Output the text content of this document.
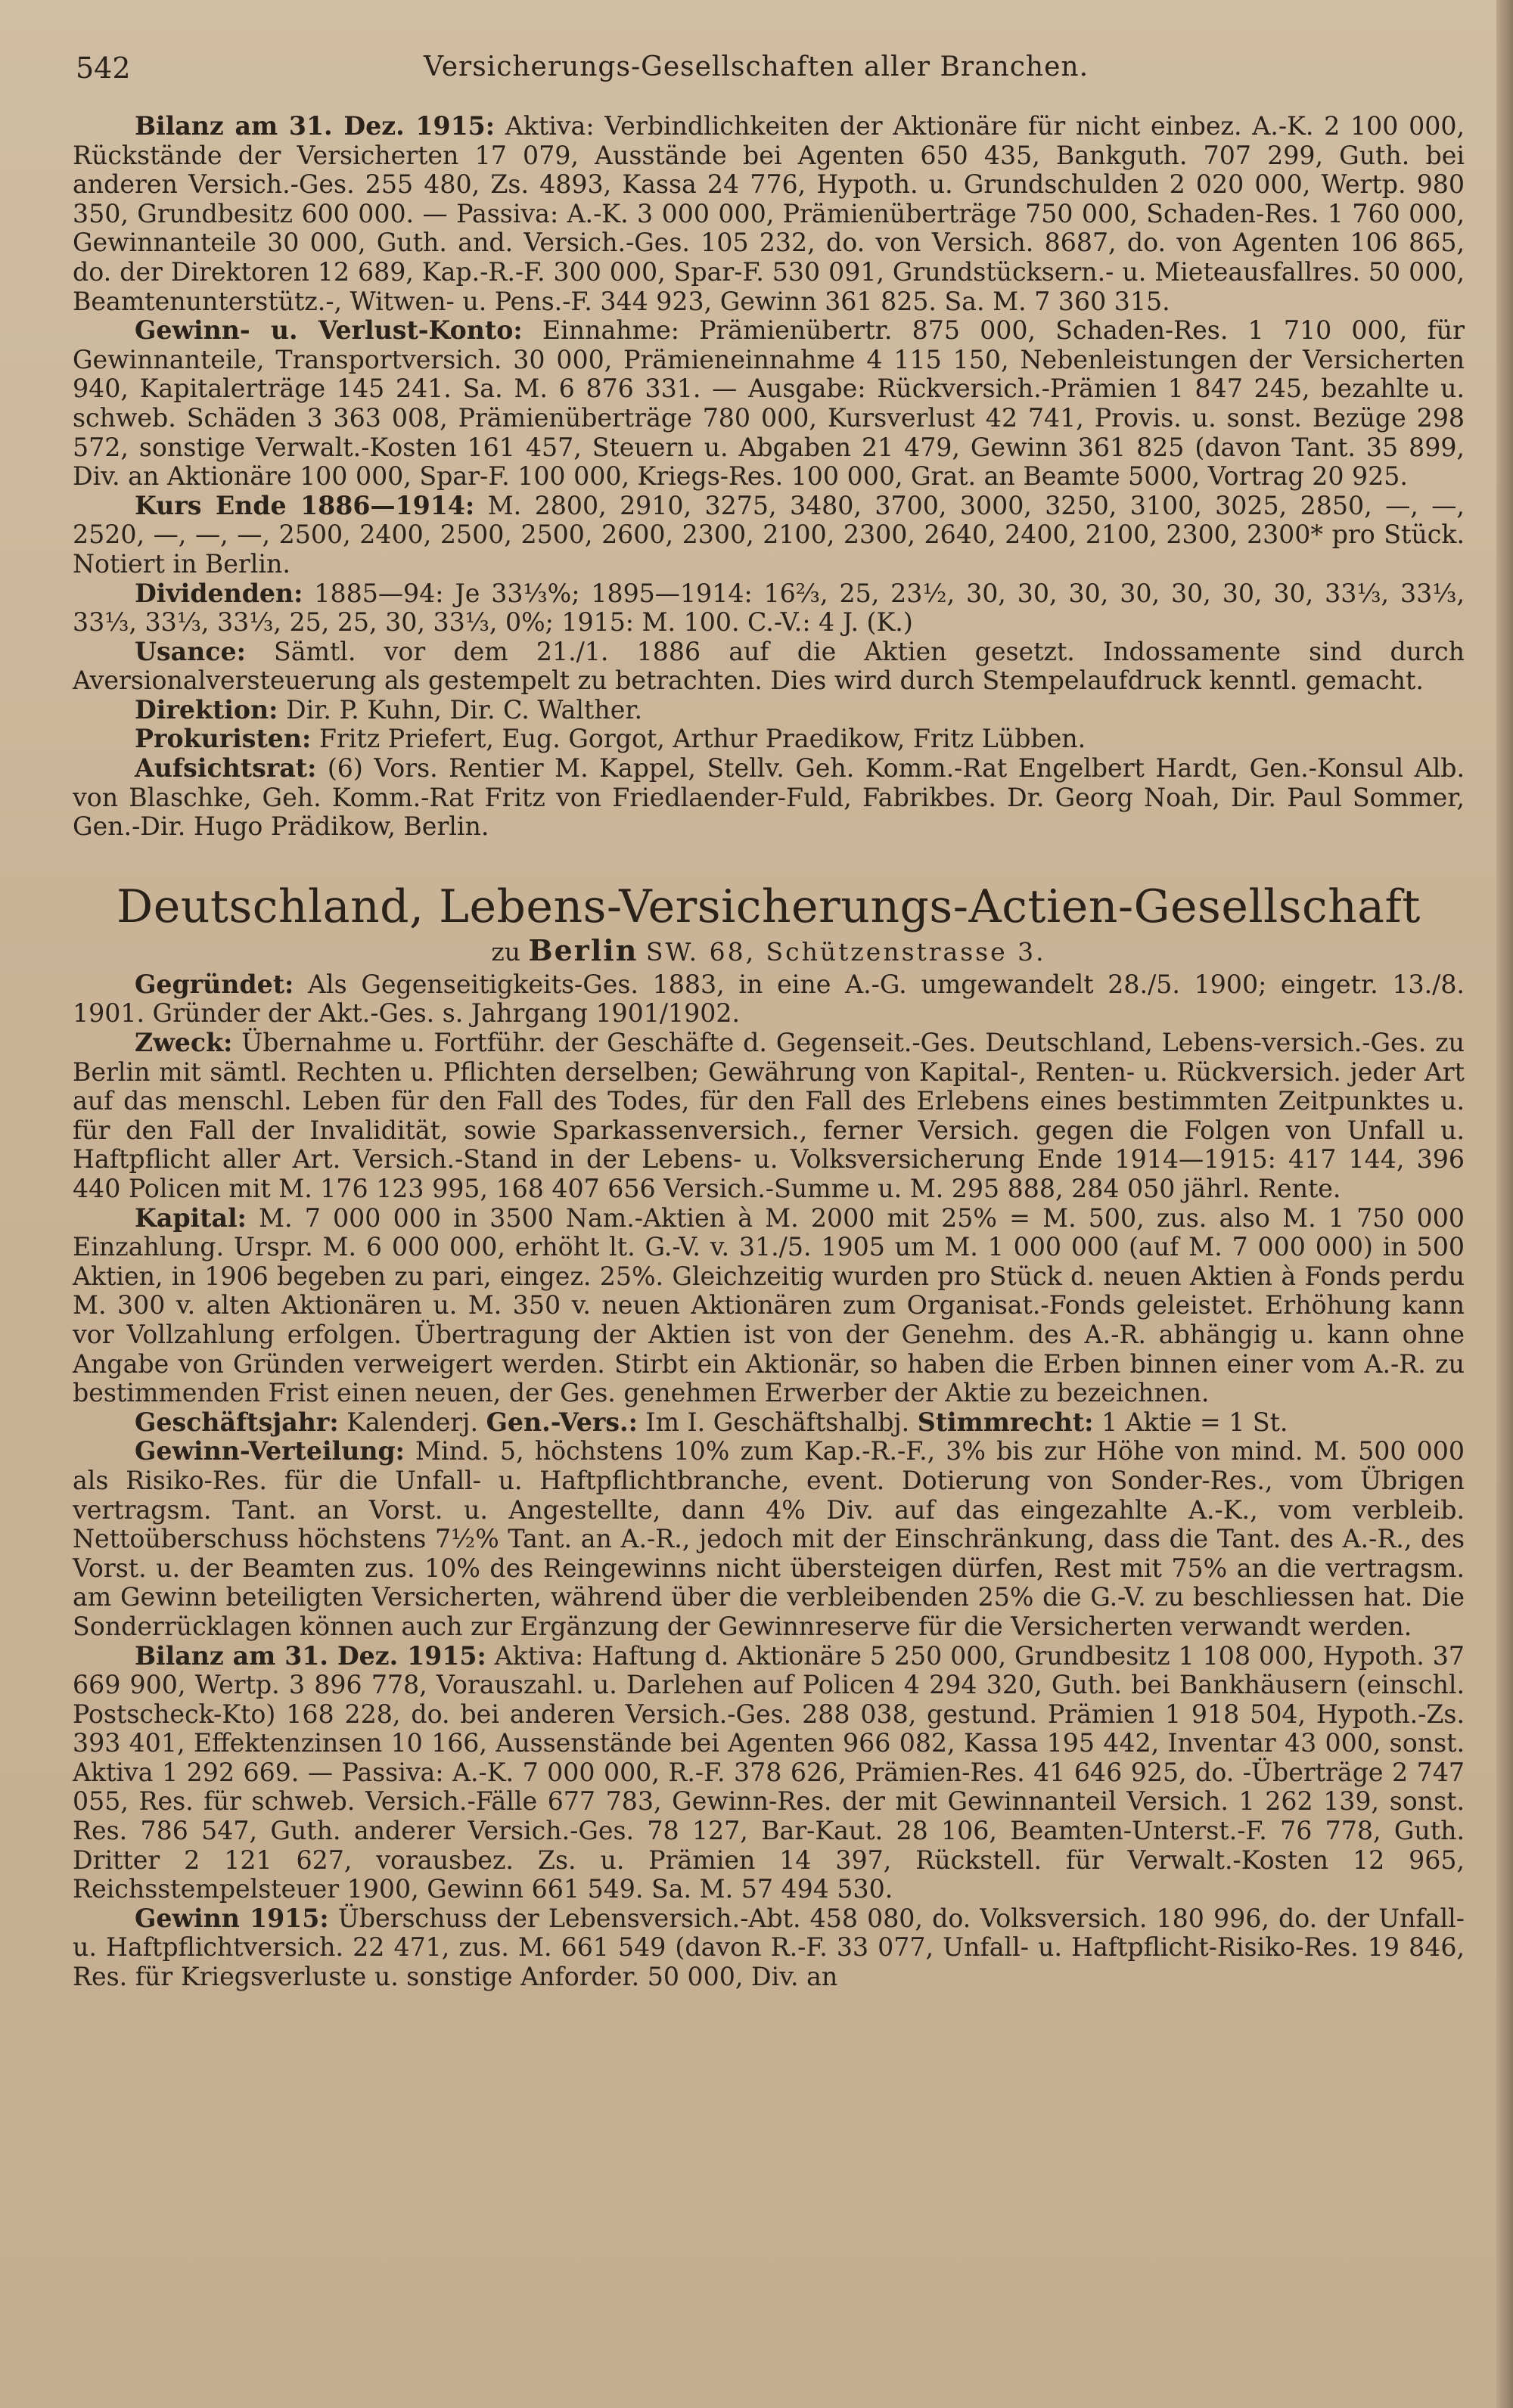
542	Versicherungs-Gesellschaften aller Branchen.

Bilanz am 31. Dez. 1915: Aktiva: Verbindlichkeiten der Aktionäre für nicht einbez. A.-K. 2 100 000, Rückstände der Versicherten 17 079, Ausstände bei Agenten 650 435, Bankguth. 707 299, Guth. bei anderen Versich.-Ges. 255 480, Zs. 4893, Kassa 24 776, Hypoth. u. Grundschulden 2 020 000, Wertp. 980 350, Grundbesitz 600 000. — Passiva: A.-K. 3 000 000, Prämienüberträge 750 000, Schaden-Res. 1 760 000, Gewinnanteile 30 000, Guth. and. Versich.-Ges. 105 232, do. von Versich. 8687, do. von Agenten 106 865, do. der Direktoren 12 689, Kap.-R.-F. 300 000, Spar-F. 530 091, Grundstücksern.- u. Mieteausfallres. 50 000, Beamtenunterstütz.-, Witwen- u. Pens.-F. 344 923, Gewinn 361 825. Sa. M. 7 360 315.

Gewinn- u. Verlust-Konto: Einnahme: Prämienübertr. 875 000, Schaden-Res. 1 710 000, für Gewinnanteile, Transportversich. 30 000, Prämieneinnahme 4 115 150, Nebenleistungen der Versicherten 940, Kapitalerträge 145 241. Sa. M. 6 876 331. — Ausgabe: Rückversich.-Prämien 1 847 245, bezahlte u. schweb. Schäden 3 363 008, Prämienüberträge 780 000, Kursverlust 42 741, Provis. u. sonst. Bezüge 298 572, sonstige Verwalt.-Kosten 161 457, Steuern u. Abgaben 21 479, Gewinn 361 825 (davon Tant. 35 899, Div. an Aktionäre 100 000, Spar-F. 100 000, Kriegs-Res. 100 000, Grat. an Beamte 5000, Vortrag 20 925.

Kurs Ende 1886—1914: M. 2800, 2910, 3275, 3480, 3700, 3000, 3250, 3100, 3025, 2850, —, —, 2520, —, —, —, 2500, 2400, 2500, 2500, 2600, 2300, 2100, 2300, 2640, 2400, 2100, 2300, 2300* pro Stück. Notiert in Berlin.

Dividenden: 1885—94: Je 33⅓%; 1895—1914: 16⅔, 25, 23½, 30, 30, 30, 30, 30, 30, 30, 33⅓, 33⅓, 33⅓, 33⅓, 33⅓, 25, 25, 30, 33⅓, 0%; 1915: M. 100. C.-V.: 4 J. (K.)

Usance: Sämtl. vor dem 21./1. 1886 auf die Aktien gesetzt. Indossamente sind durch Aversionalversteuerung als gestempelt zu betrachten. Dies wird durch Stempelaufdruck kenntl. gemacht.

Direktion: Dir. P. Kuhn, Dir. C. Walther.

Prokuristen: Fritz Priefert, Eug. Gorgot, Arthur Praedikow, Fritz Lübben.

Aufsichtsrat: (6) Vors. Rentier M. Kappel, Stellv. Geh. Komm.-Rat Engelbert Hardt, Gen.-Konsul Alb. von Blaschke, Geh. Komm.-Rat Fritz von Friedlaender-Fuld, Fabrikbes. Dr. Georg Noah, Dir. Paul Sommer, Gen.-Dir. Hugo Prädikow, Berlin.

Deutschland, Lebens-Versicherungs-Actien-Gesellschaft
zu Berlin SW. 68, Schützenstrasse 3.

Gegründet: Als Gegenseitigkeits-Ges. 1883, in eine A.-G. umgewandelt 28./5. 1900; eingetr. 13./8. 1901. Gründer der Akt.-Ges. s. Jahrgang 1901/1902.

Zweck: Übernahme u. Fortführ. der Geschäfte d. Gegenseit.-Ges. Deutschland, Lebens-versich.-Ges. zu Berlin mit sämtl. Rechten u. Pflichten derselben; Gewährung von Kapital-, Renten- u. Rückversich. jeder Art auf das menschl. Leben für den Fall des Todes, für den Fall des Erlebens eines bestimmten Zeitpunktes u. für den Fall der Invalidität, sowie Sparkassenversich., ferner Versich. gegen die Folgen von Unfall u. Haftpflicht aller Art. Versich.-Stand in der Lebens- u. Volksversicherung Ende 1914—1915: 417 144, 396 440 Policen mit M. 176 123 995, 168 407 656 Versich.-Summe u. M. 295 888, 284 050 jährl. Rente.

Kapital: M. 7 000 000 in 3500 Nam.-Aktien à M. 2000 mit 25% = M. 500, zus. also M. 1 750 000 Einzahlung. Urspr. M. 6 000 000, erhöht lt. G.-V. v. 31./5. 1905 um M. 1 000 000 (auf M. 7 000 000) in 500 Aktien, in 1906 begeben zu pari, eingez. 25%. Gleichzeitig wurden pro Stück d. neuen Aktien à Fonds perdu M. 300 v. alten Aktionären u. M. 350 v. neuen Aktionären zum Organisat.-Fonds geleistet. Erhöhung kann vor Vollzahlung erfolgen. Übertragung der Aktien ist von der Genehm. des A.-R. abhängig u. kann ohne Angabe von Gründen verweigert werden. Stirbt ein Aktionär, so haben die Erben binnen einer vom A.-R. zu bestimmenden Frist einen neuen, der Ges. genehmen Erwerber der Aktie zu bezeichnen.

Geschäftsjahr: Kalenderj. Gen.-Vers.: Im I. Geschäftshalbj. Stimmrecht: 1 Aktie = 1 St.

Gewinn-Verteilung: Mind. 5, höchstens 10% zum Kap.-R.-F., 3% bis zur Höhe von mind. M. 500 000 als Risiko-Res. für die Unfall- u. Haftpflichtbranche, event. Dotierung von Sonder-Res., vom Übrigen vertragsm. Tant. an Vorst. u. Angestellte, dann 4% Div. auf das eingezahlte A.-K., vom verbleib. Nettoüberschuss höchstens 7½% Tant. an A.-R., jedoch mit der Einschränkung, dass die Tant. des A.-R., des Vorst. u. der Beamten zus. 10% des Reingewinns nicht übersteigen dürfen, Rest mit 75% an die vertragsm. am Gewinn beteiligten Versicherten, während über die verbleibenden 25% die G.-V. zu beschliessen hat. Die Sonderrücklagen können auch zur Ergänzung der Gewinnreserve für die Versicherten verwandt werden.

Bilanz am 31. Dez. 1915: Aktiva: Haftung d. Aktionäre 5 250 000, Grundbesitz 1 108 000, Hypoth. 37 669 900, Wertp. 3 896 778, Vorauszahl. u. Darlehen auf Policen 4 294 320, Guth. bei Bankhäusern (einschl. Postscheck-Kto) 168 228, do. bei anderen Versich.-Ges. 288 038, gestund. Prämien 1 918 504, Hypoth.-Zs. 393 401, Effektenzinsen 10 166, Aussenstände bei Agenten 966 082, Kassa 195 442, Inventar 43 000, sonst. Aktiva 1 292 669. — Passiva: A.-K. 7 000 000, R.-F. 378 626, Prämien-Res. 41 646 925, do. -Überträge 2 747 055, Res. für schweb. Versich.-Fälle 677 783, Gewinn-Res. der mit Gewinnanteil Versich. 1 262 139, sonst. Res. 786 547, Guth. anderer Versich.-Ges. 78 127, Bar-Kaut. 28 106, Beamten-Unterst.-F. 76 778, Guth. Dritter 2 121 627, vorausbez. Zs. u. Prämien 14 397, Rückstell. für Verwalt.-Kosten 12 965, Reichsstempelsteuer 1900, Gewinn 661 549. Sa. M. 57 494 530.

Gewinn 1915: Überschuss der Lebensversich.-Abt. 458 080, do. Volksversich. 180 996, do. der Unfall- u. Haftpflichtversich. 22 471, zus. M. 661 549 (davon R.-F. 33 077, Unfall- u. Haftpflicht-Risiko-Res. 19 846, Res. für Kriegsverluste u. sonstige Anforder. 50 000, Div. an
